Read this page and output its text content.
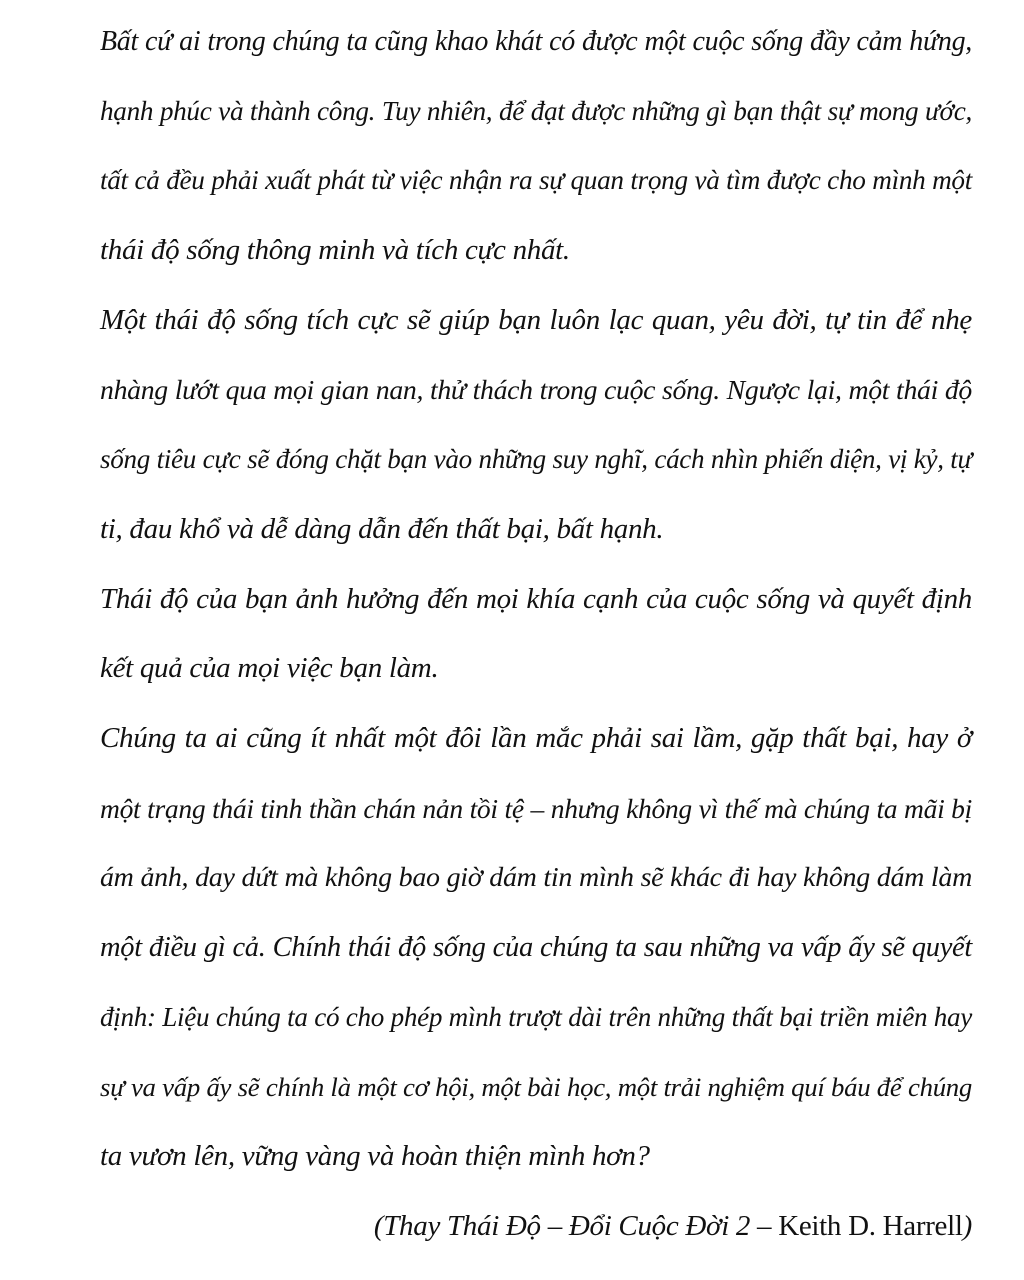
Bất cứ ai trong chúng ta cũng khao khát có được một cuộc sống đầy cảm hứng,
hạnh phúc và thành công. Tuy nhiên, để đạt được những gì bạn thật sự mong ước,
tất cả đều phải xuất phát từ việc nhận ra sự quan trọng và tìm được cho mình một
thái độ sống thông minh và tích cực nhất.
Một thái độ sống tích cực sẽ giúp bạn luôn lạc quan, yêu đời, tự tin để nhẹ
nhàng lướt qua mọi gian nan, thử thách trong cuộc sống. Ngược lại, một thái độ
sống tiêu cực sẽ đóng chặt bạn vào những suy nghĩ, cách nhìn phiến diện, vị kỷ, tự
ti, đau khổ và dễ dàng dẫn đến thất bại, bất hạnh.
Thái độ của bạn ảnh hưởng đến mọi khía cạnh của cuộc sống và quyết định
kết quả của mọi việc bạn làm.
Chúng ta ai cũng ít nhất một đôi lần mắc phải sai lầm, gặp thất bại, hay ở
một trạng thái tinh thần chán nản tồi tệ – nhưng không vì thế mà chúng ta mãi bị
ám ảnh, day dứt mà không bao giờ dám tin mình sẽ khác đi hay không dám làm
một điều gì cả. Chính thái độ sống của chúng ta sau những va vấp ấy sẽ quyết
định: Liệu chúng ta có cho phép mình trượt dài trên những thất bại triền miên hay
sự va vấp ấy sẽ chính là một cơ hội, một bài học, một trải nghiệm quí báu để chúng
ta vươn lên, vững vàng và hoàn thiện mình hơn?

(Thay Thái Độ – Đổi Cuộc Đời 2 – Keith D. Harrell)
